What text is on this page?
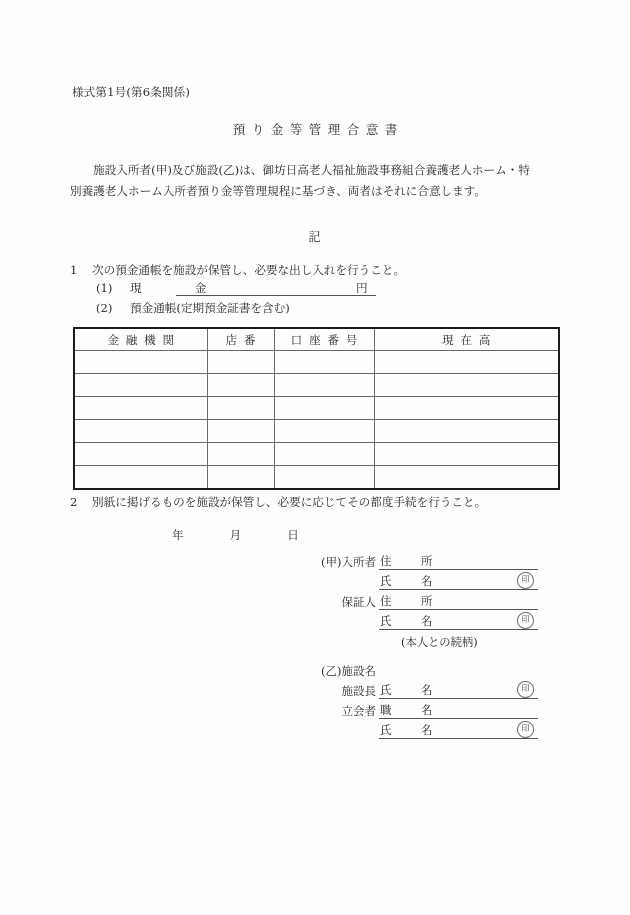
様式第1号(第6条関係)
預り金等管理合意書
施設入所者(甲)及び施設(乙)は、御坊日高老人福祉施設事務組合養護老人ホーム・特別養護老人ホーム入所者預り金等管理規程に基づき、両者はそれに合意します。
記
1 次の預金通帳を施設が保管し、必要な出し入れを行うこと。
(1) 現　　金	円
(2) 預金通帳(定期預金証書を含む)
金融機関	店番	口座番号	現在高

2 別紙に掲げるものを施設が保管し、必要に応じてその都度手続を行うこと。
年	月	日
(甲)入所者 住　所
氏　名	印
保証人 住　所
氏　名	印
(本人との続柄)
(乙)施設名
施設長 氏　名	印
立会者 職　名
氏　名	印
